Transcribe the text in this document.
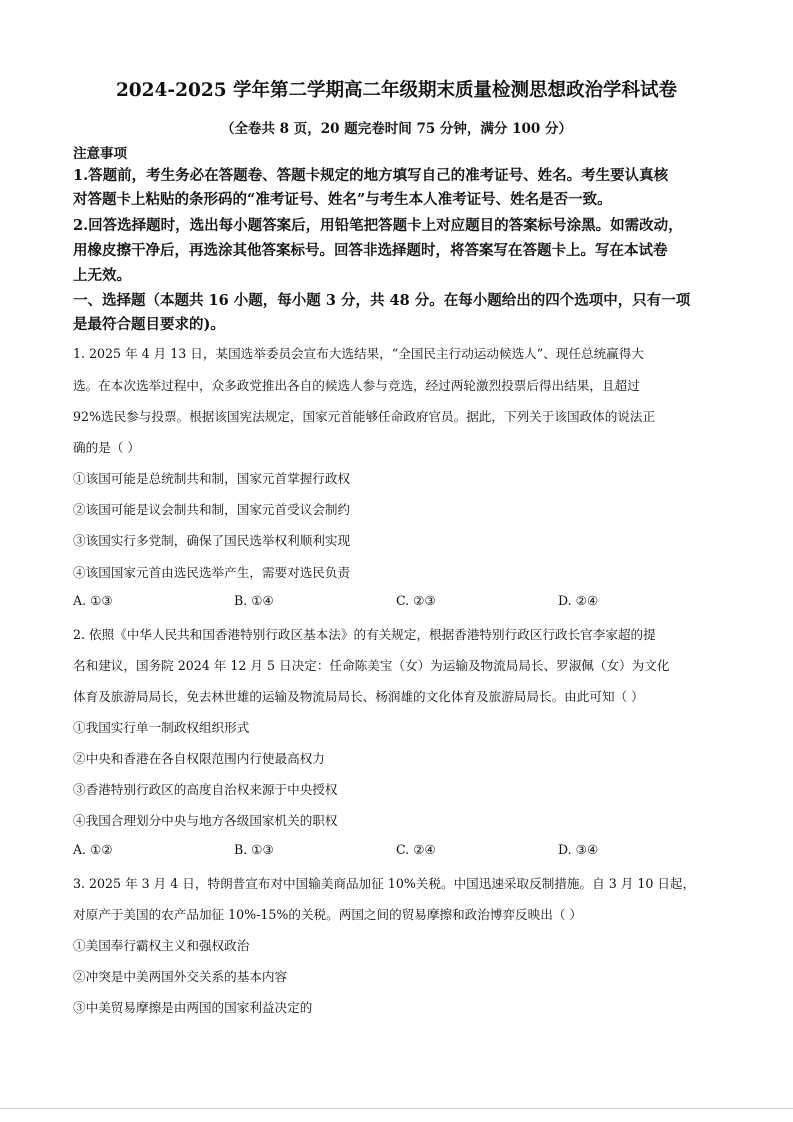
2024-2025 学年第二学期高二年级期末质量检测思想政治学科试卷
（全卷共 8 页，20 题完卷时间 75 分钟，满分 100 分）
注意事项
1.答题前，考生务必在答题卷、答题卡规定的地方填写自己的准考证号、姓名。考生要认真核
对答题卡上粘贴的条形码的“准考证号、姓名”与考生本人准考证号、姓名是否一致。
2.回答选择题时，选出每小题答案后，用铅笔把答题卡上对应题目的答案标号涂黑。如需改动，
用橡皮擦干净后，再选涂其他答案标号。回答非选择题时，将答案写在答题卡上。写在本试卷
上无效。
一、选择题（本题共 16 小题，每小题 3 分，共 48 分。在每小题给出的四个选项中，只有一项
是最符合题目要求的)。
1. 2025 年 4 月 13 日，某国选举委员会宣布大选结果，“全国民主行动运动候选人”、现任总统赢得大
选。在本次选举过程中，众多政党推出各自的候选人参与竞选，经过两轮激烈投票后得出结果，且超过
92%选民参与投票。根据该国宪法规定，国家元首能够任命政府官员。据此，下列关于该国政体的说法正
确的是（ ）
①该国可能是总统制共和制，国家元首掌握行政权
②该国可能是议会制共和制，国家元首受议会制约
③该国实行多党制，确保了国民选举权利顺利实现
④该国国家元首由选民选举产生，需要对选民负责
A. ①③	B. ①④	C. ②③	D. ②④
2. 依照《中华人民共和国香港特别行政区基本法》的有关规定，根据香港特别行政区行政长官李家超的提
名和建议，国务院 2024 年 12 月 5 日决定：任命陈美宝（女）为运输及物流局局长、罗淑佩（女）为文化
体育及旅游局局长，免去林世雄的运输及物流局局长、杨润雄的文化体育及旅游局局长。由此可知（ ）
①我国实行单一制政权组织形式
②中央和香港在各自权限范围内行使最高权力
③香港特别行政区的高度自治权来源于中央授权
④我国合理划分中央与地方各级国家机关的职权
A. ①②	B. ①③	C. ②④	D. ③④
3. 2025 年 3 月 4 日，特朗普宣布对中国输美商品加征 10%关税。中国迅速采取反制措施。自 3 月 10 日起，
对原产于美国的农产品加征 10%-15%的关税。两国之间的贸易摩擦和政治博弈反映出（ ）
①美国奉行霸权主义和强权政治
②冲突是中美两国外交关系的基本内容
③中美贸易摩擦是由两国的国家利益决定的
